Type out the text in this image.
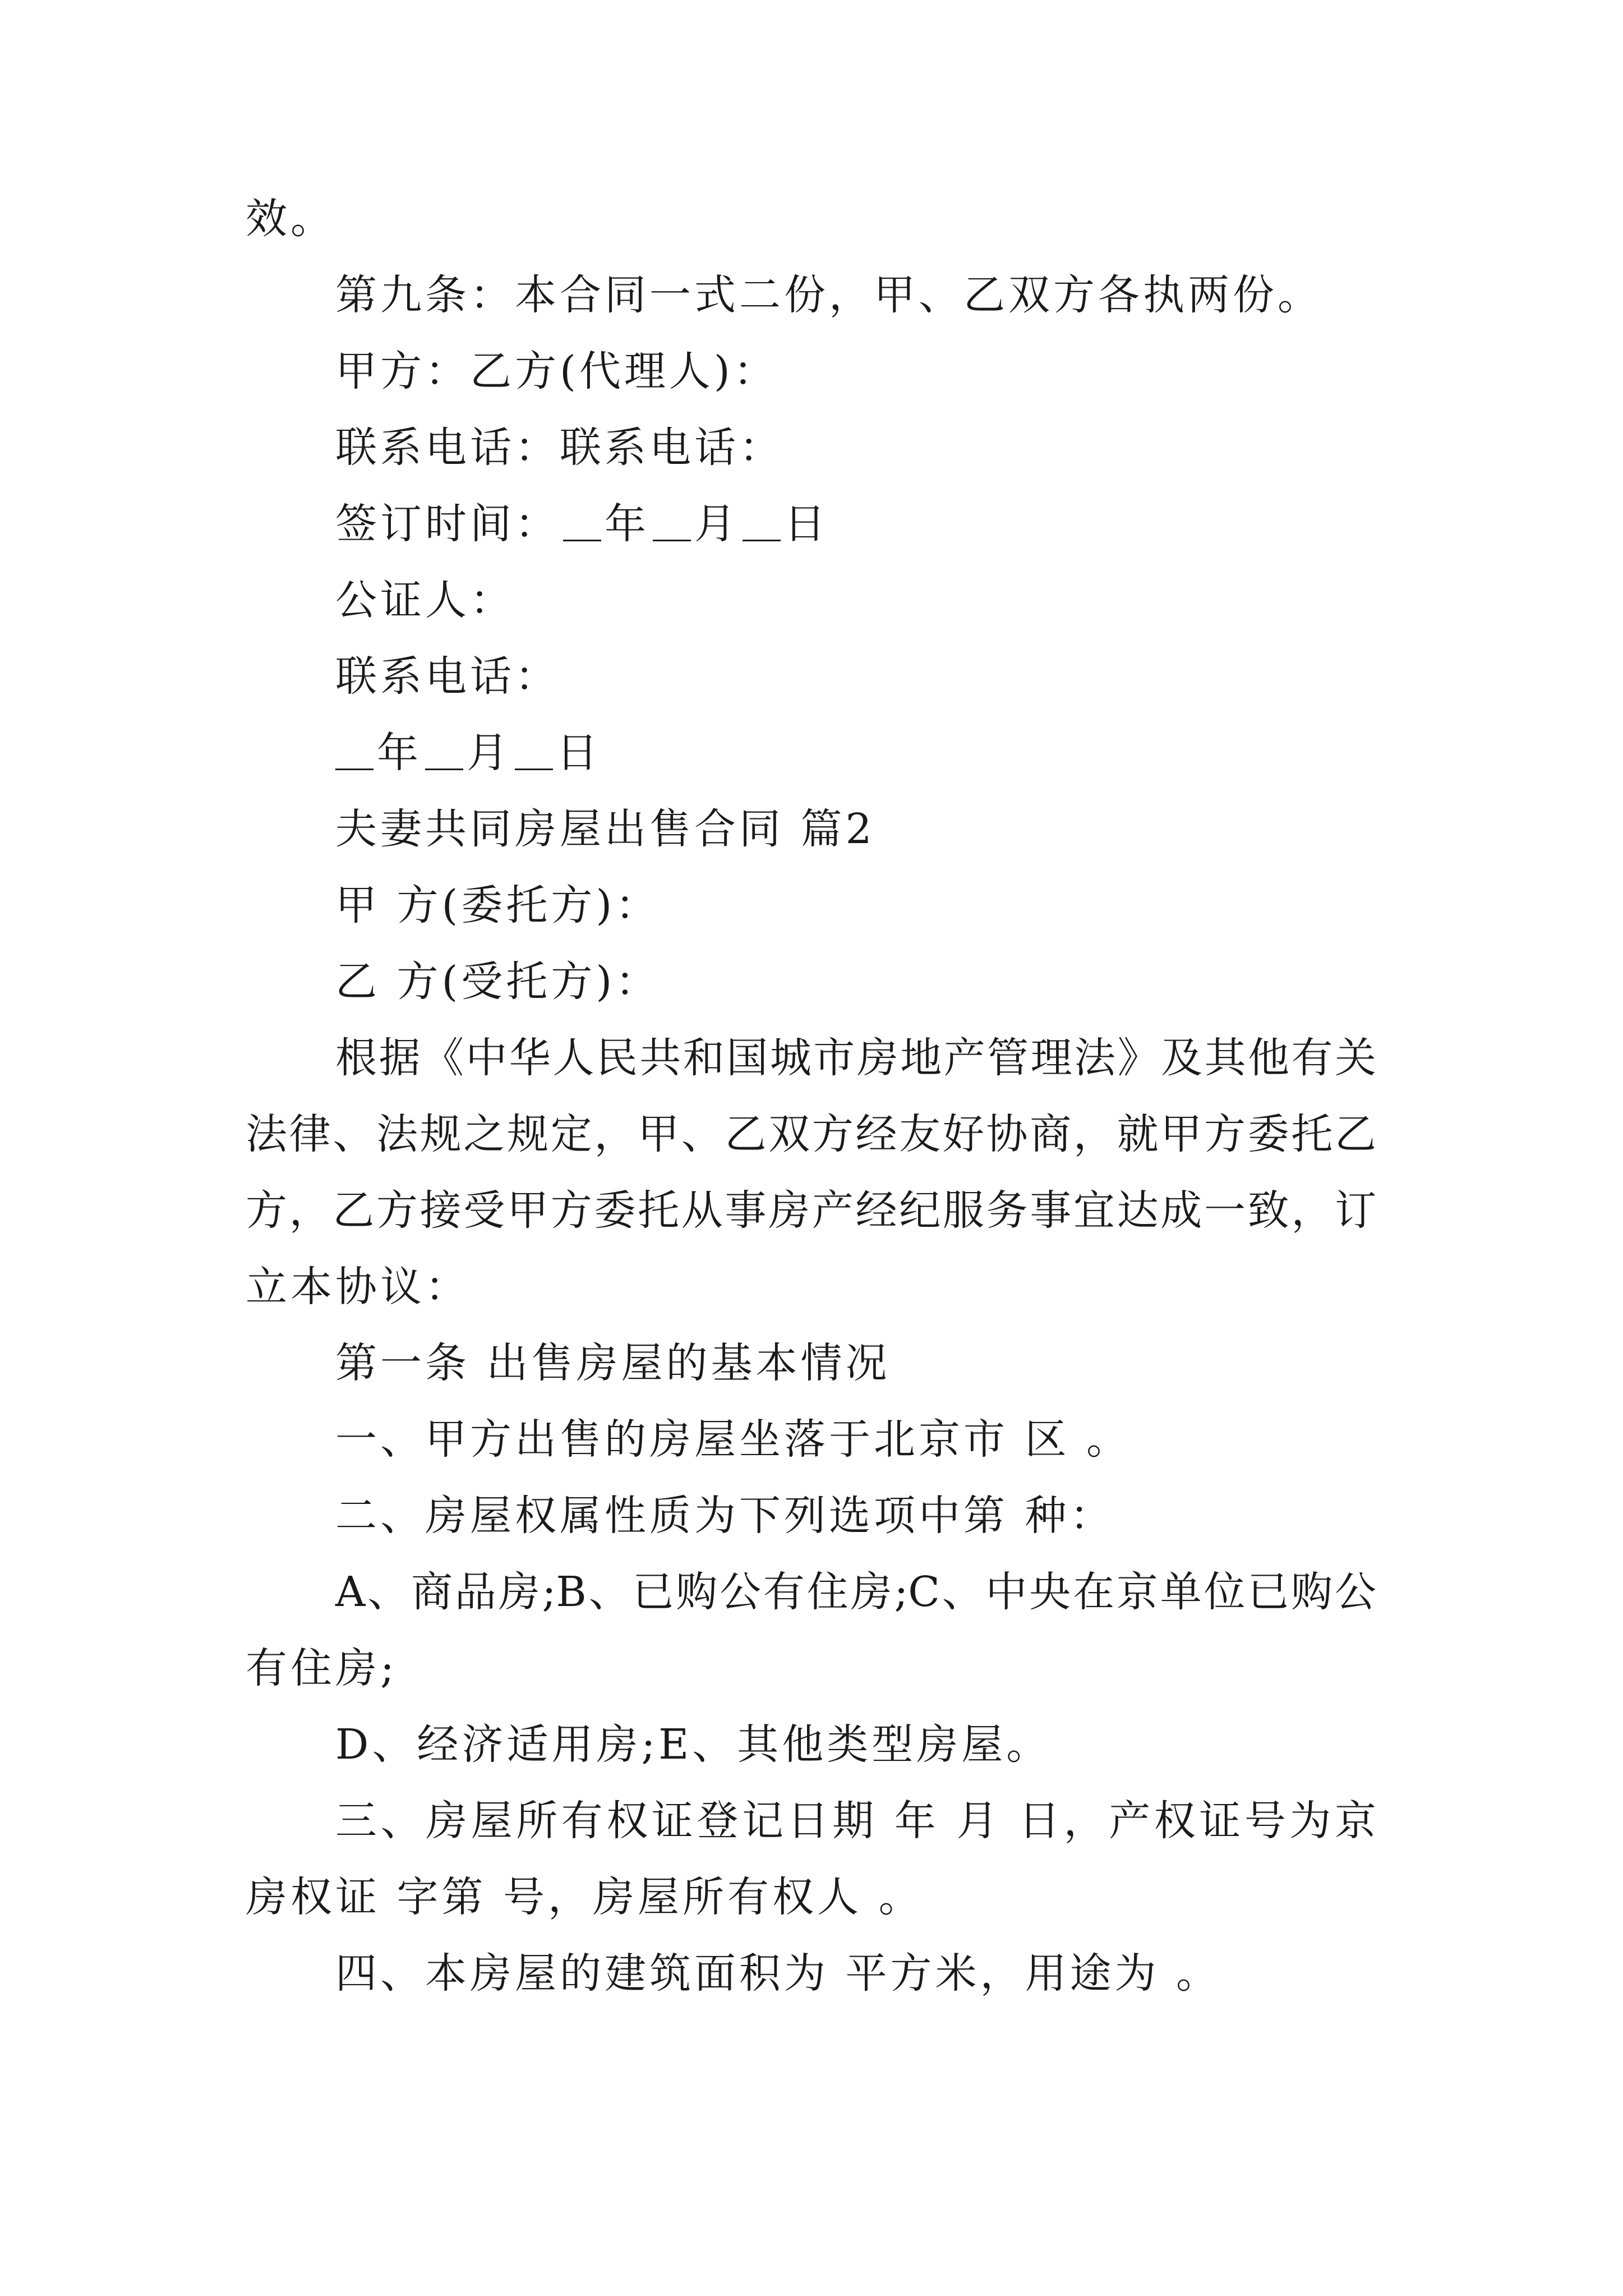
效。
第九条：本合同一式二份，甲、乙双方各执两份。
甲方：乙方(代理人)：
联系电话：联系电话：
签订时间： 年 月 日
公证人：
联系电话：
年 月 日
夫妻共同房屋出售合同 篇2
甲 方(委托方)：
乙 方(受托方)：
根据《中华人民共和国城市房地产管理法》及其他有关
法律、法规之规定，甲、乙双方经友好协商，就甲方委托乙
方，乙方接受甲方委托从事房产经纪服务事宜达成一致，订
立本协议：
第一条 出售房屋的基本情况
一、甲方出售的房屋坐落于北京市 区 。
二、房屋权属性质为下列选项中第 种：
A、商品房;B、已购公有住房;C、中央在京单位已购公
有住房;
D、经济适用房;E、其他类型房屋。
三、房屋所有权证登记日期 年 月 日，产权证号为京
房权证 字第 号，房屋所有权人 。
四、本房屋的建筑面积为 平方米，用途为 。
